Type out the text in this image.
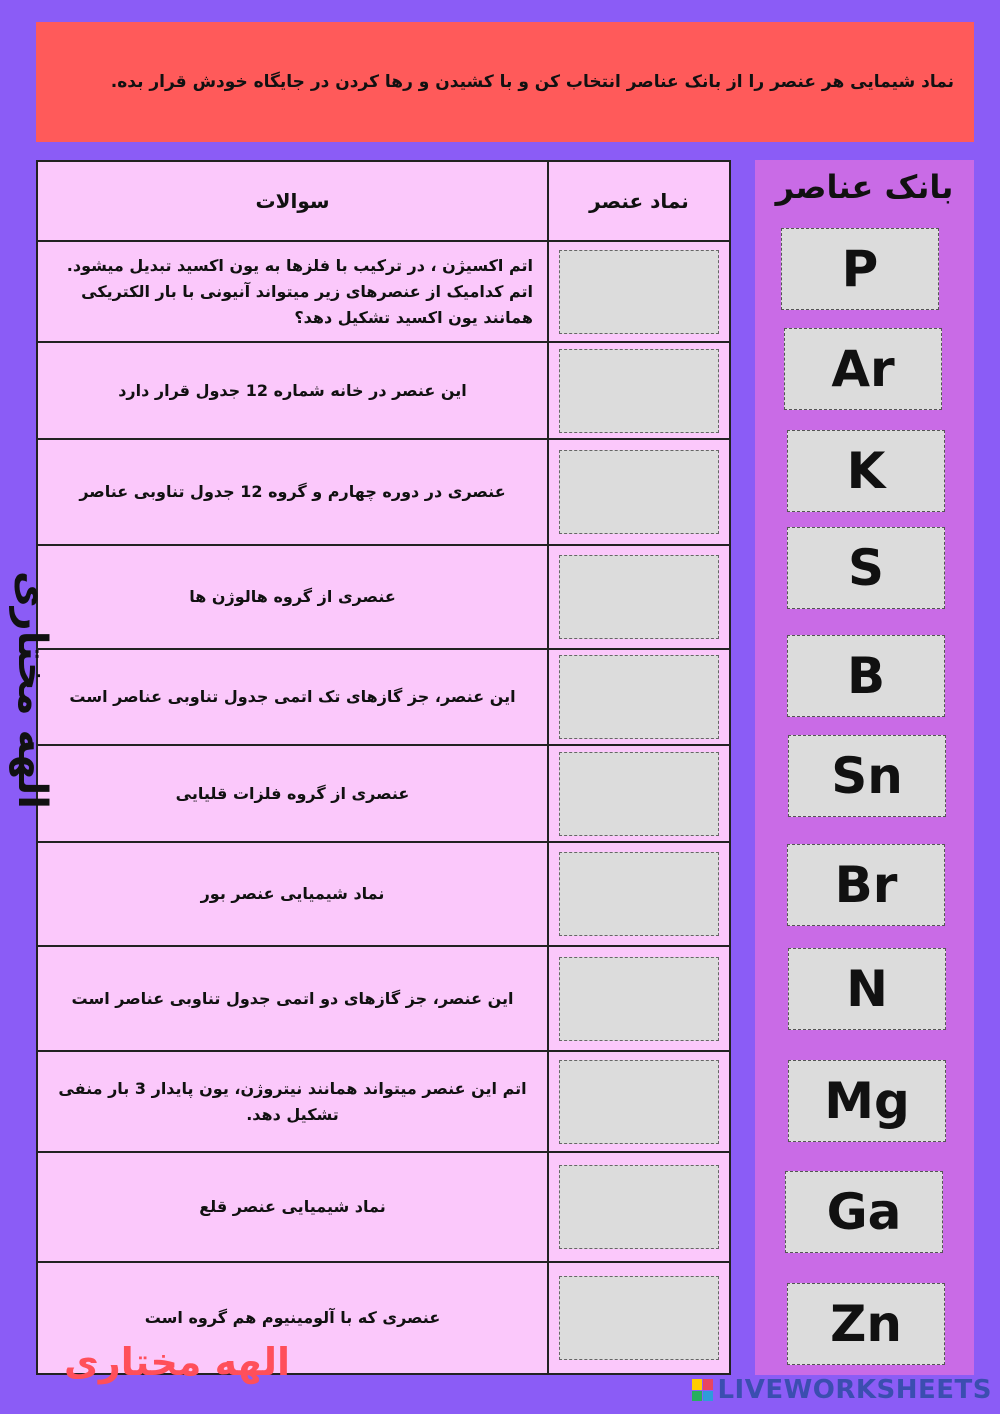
نماد شیمایی هر عنصر را از بانک عناصر انتخاب کن و با کشیدن و رها کردن در جایگاه خودش قرار بده.
سوالات	نماد عنصر

اتم اکسیژن ، در ترکیب با فلزها به یون اکسید تبدیل میشود. اتم کدامیک از عنصرهای زیر میتواند آنیونی با بار الکتریکی همانند یون اکسید تشکیل دهد؟	

این عنصر در خانه شماره 12 جدول قرار دارد	

عنصری در دوره چهارم و گروه 12 جدول تناوبی عناصر	

عنصری از گروه هالوژن ها	

این عنصر، جز گازهای تک اتمی جدول تناوبی عناصر است	

عنصری از گروه فلزات قلیایی	

نماد شیمیایی عنصر بور	

این عنصر، جز گازهای دو اتمی جدول تناوبی عناصر است	

اتم این عنصر میتواند همانند نیتروژن، یون پایدار 3 بار منفی تشکیل دهد.	

نماد شیمیایی عنصر قلع	

عنصری که با آلومینیوم هم گروه است	

بانک عناصر
P
Ar
K
S
B
Sn
Br
N
Mg
Ga
Zn
الهه مختاری
الهه مختاری
LIVEWORKSHEETS
